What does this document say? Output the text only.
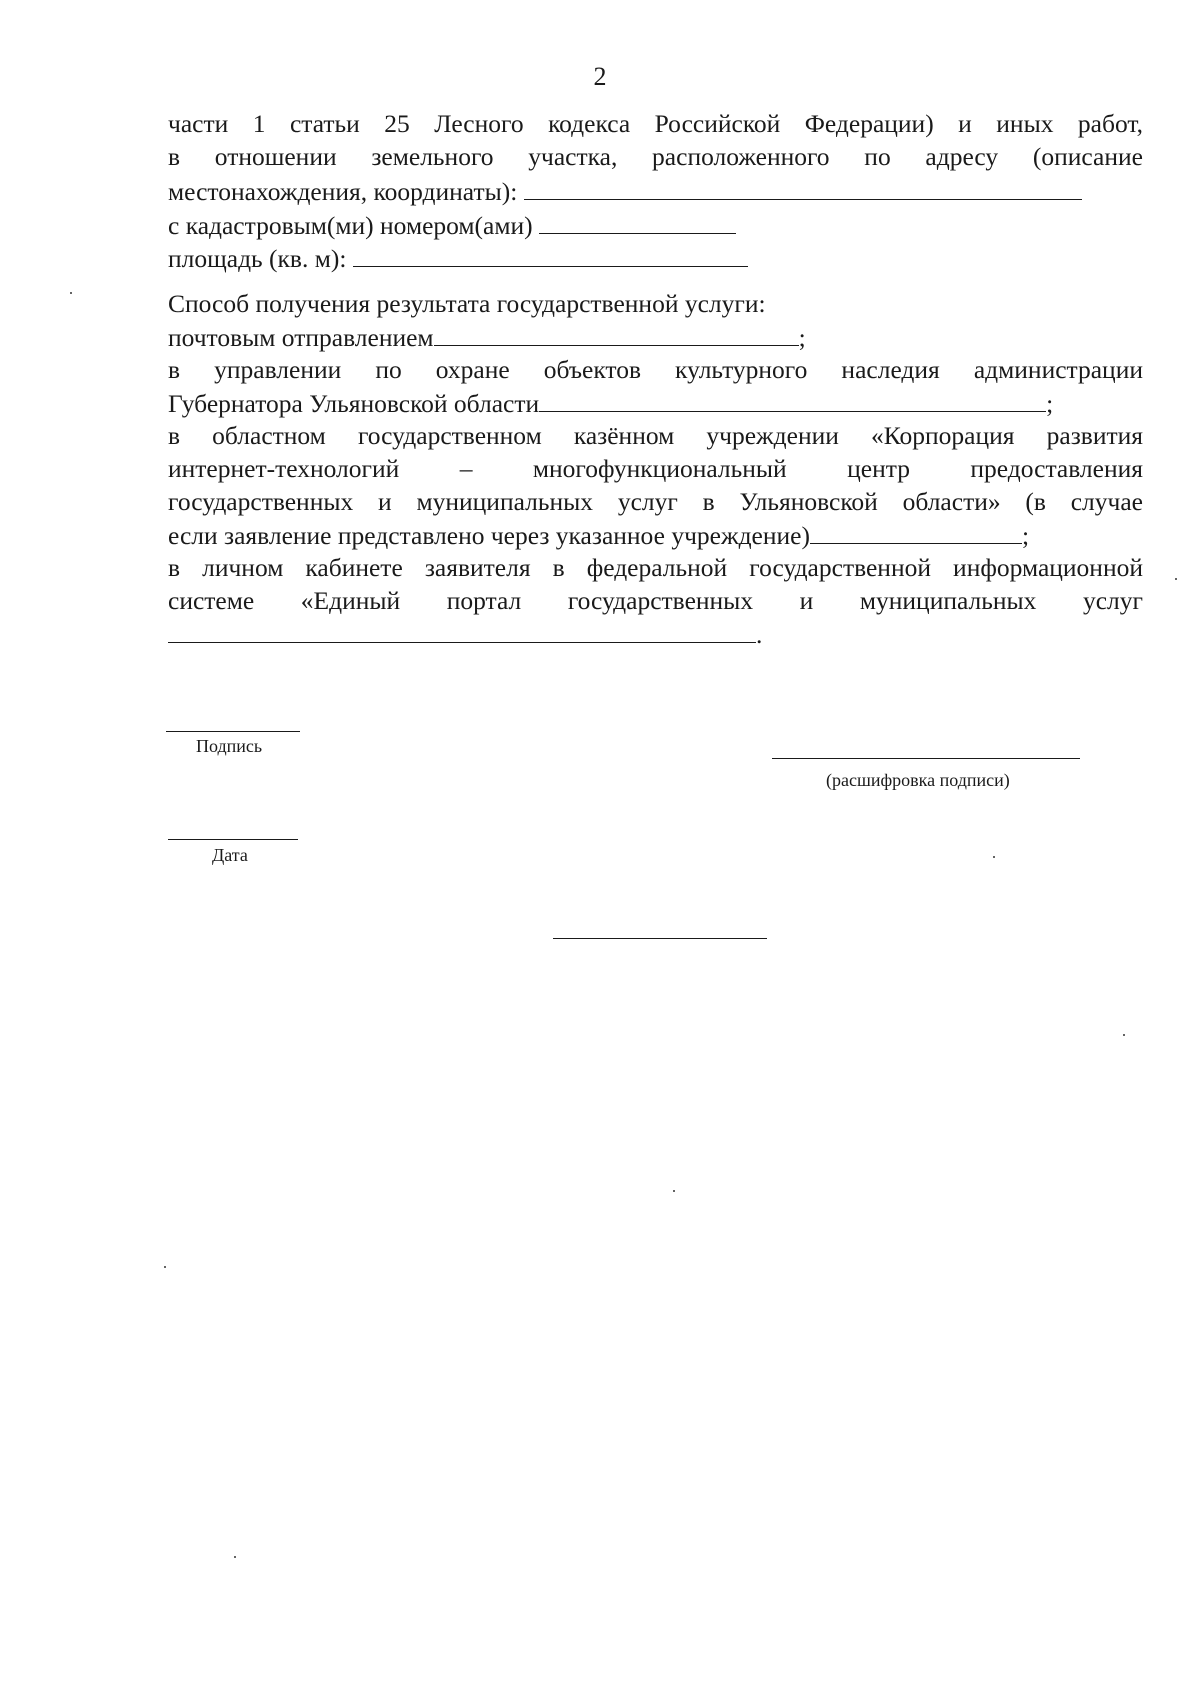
2
части 1 статьи 25 Лесного кодекса Российской Федерации) и иных работ,
в отношении земельного участка, расположенного по адресу (описание
местонахождения, координаты):
с кадастровым(ми) номером(ами)
площадь (кв. м):
Способ получения результата государственной услуги:
почтовым отправлением	;
в управлении по охране объектов культурного наследия администрации
Губернатора Ульяновской области	;
в областном государственном казённом учреждении «Корпорация развития
интернет-технологий – многофункциональный центр предоставления
государственных и муниципальных услуг в Ульяновской области» (в случае
если заявление представлено через указанное учреждение)	;
в личном кабинете заявителя в федеральной государственной информационной
системе «Единый портал государственных и муниципальных услуг
.
Подпись
(расшифровка подписи)
Дата
